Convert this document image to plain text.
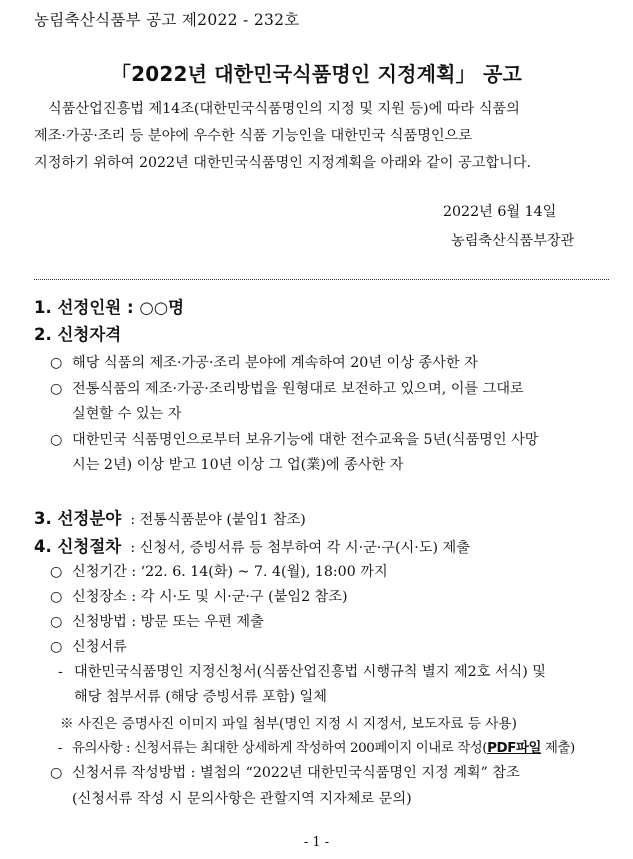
농림축산식품부 공고 제2022 - 232호
「2022년 대한민국식품명인 지정계획」 공고
식품산업진흥법 제14조(대한민국식품명인의 지정 및 지원 등)에 따라 식품의
제조·가공·조리 등 분야에 우수한 식품 기능인을 대한민국 식품명인으로
지정하기 위하여 2022년 대한민국식품명인 지정계획을 아래와 같이 공고합니다.
2022년 6월 14일
농림축산식품부장관
1. 선정인원 : ○○명
2. 신청자격
○ 해당 식품의 제조·가공·조리 분야에 계속하여 20년 이상 종사한 자
○ 전통식품의 제조·가공·조리방법을 원형대로 보전하고 있으며, 이를 그대로
실현할 수 있는 자
○ 대한민국 식품명인으로부터 보유기능에 대한 전수교육을 5년(식품명인 사망
시는 2년) 이상 받고 10년 이상 그 업(業)에 종사한 자
3. 선정분야 : 전통식품분야 (붙임1 참조)
4. 신청절차 : 신청서, 증빙서류 등 첨부하여 각 시·군·구(시·도) 제출
○ 신청기간 : ‘22. 6. 14(화) ~ 7. 4(월), 18:00 까지
○ 신청장소 : 각 시·도 및 시·군·구 (붙임2 참조)
○ 신청방법 : 방문 또는 우편 제출
○ 신청서류
- 대한민국식품명인 지정신청서(식품산업진흥법 시행규칙 별지 제2호 서식) 및
해당 첨부서류 (해당 증빙서류 포함) 일체
※ 사진은 증명사진 이미지 파일 첨부(명인 지정 시 지정서, 보도자료 등 사용)
- 유의사항 : 신청서류는 최대한 상세하게 작성하여 200페이지 이내로 작성(PDF파일 제출)
○ 신청서류 작성방법 : 별첨의 “2022년 대한민국식품명인 지정 계획” 참조
(신청서류 작성 시 문의사항은 관할지역 지자체로 문의)
- 1 -
